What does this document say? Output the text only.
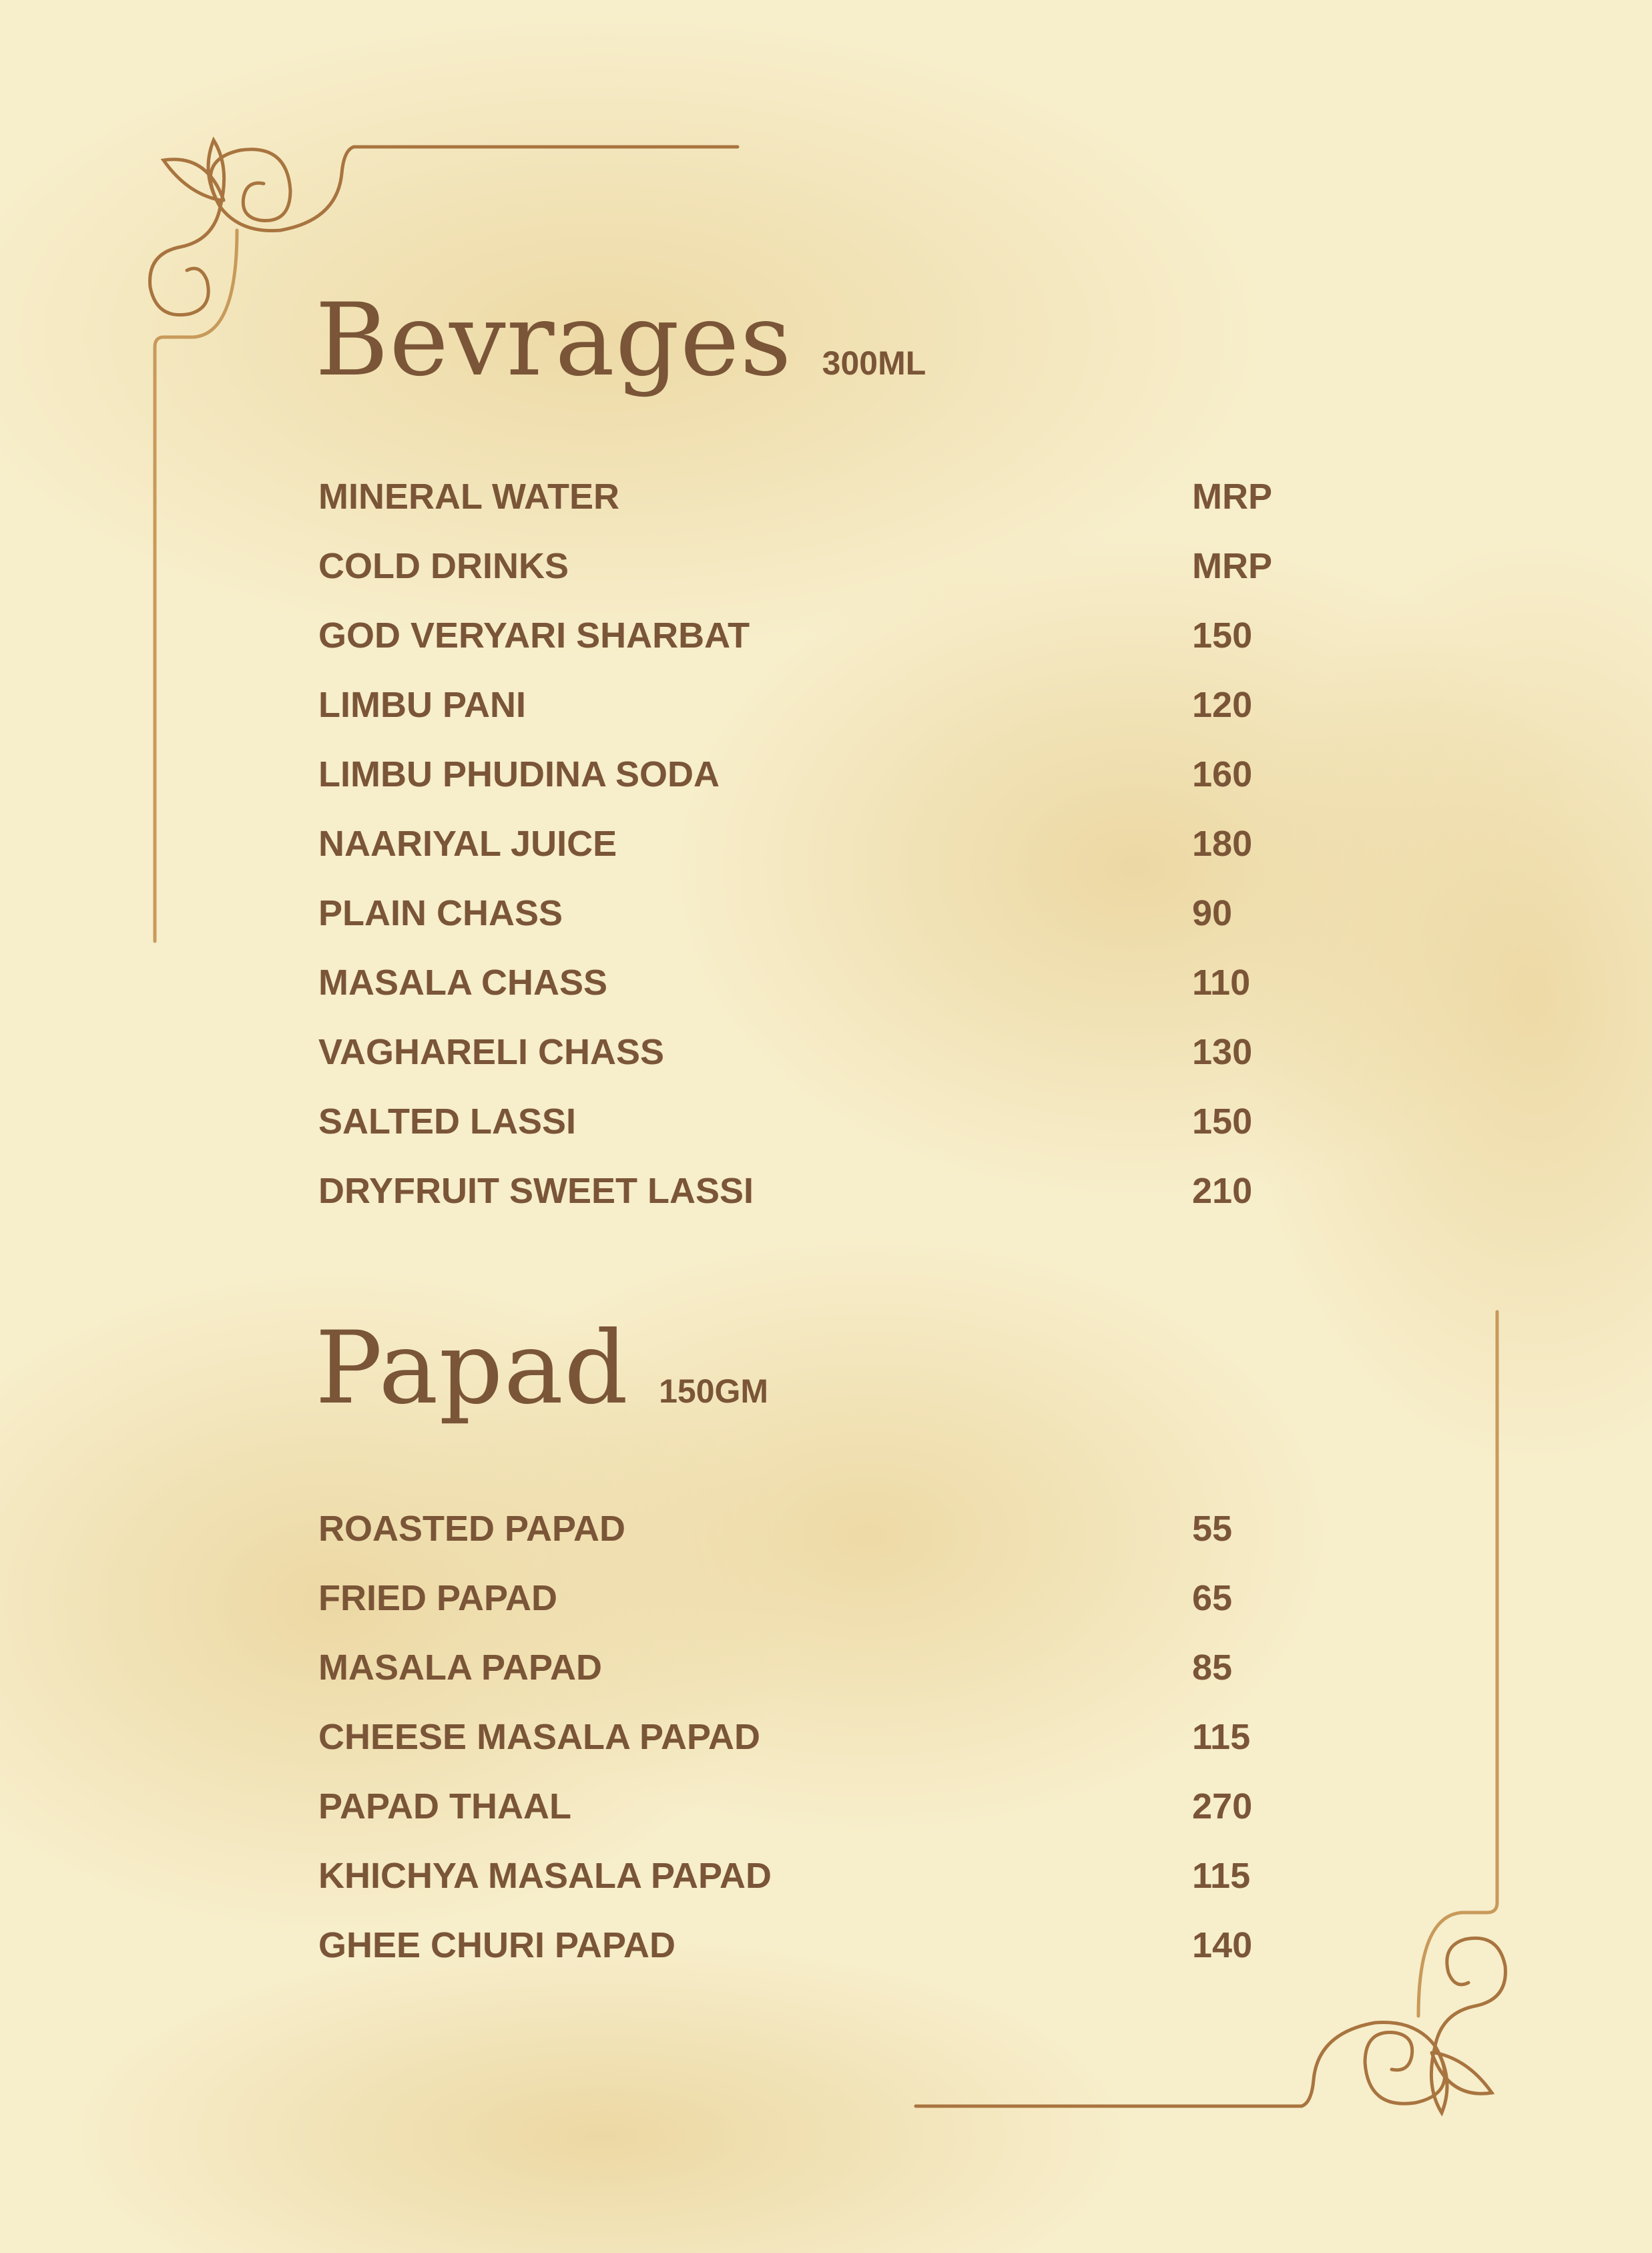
Bevrages 300ML
MINERAL WATER	MRP
COLD DRINKS	MRP
GOD VERYARI SHARBAT	150
LIMBU PANI	120
LIMBU PHUDINA SODA	160
NAARIYAL JUICE	180
PLAIN CHASS	90
MASALA CHASS	110
VAGHARELI CHASS	130
SALTED LASSI	150
DRYFRUIT SWEET LASSI	210
Papad 150GM
ROASTED PAPAD	55
FRIED PAPAD	65
MASALA PAPAD	85
CHEESE MASALA PAPAD	115
PAPAD THAAL	270
KHICHYA MASALA PAPAD	115
GHEE CHURI PAPAD	140
